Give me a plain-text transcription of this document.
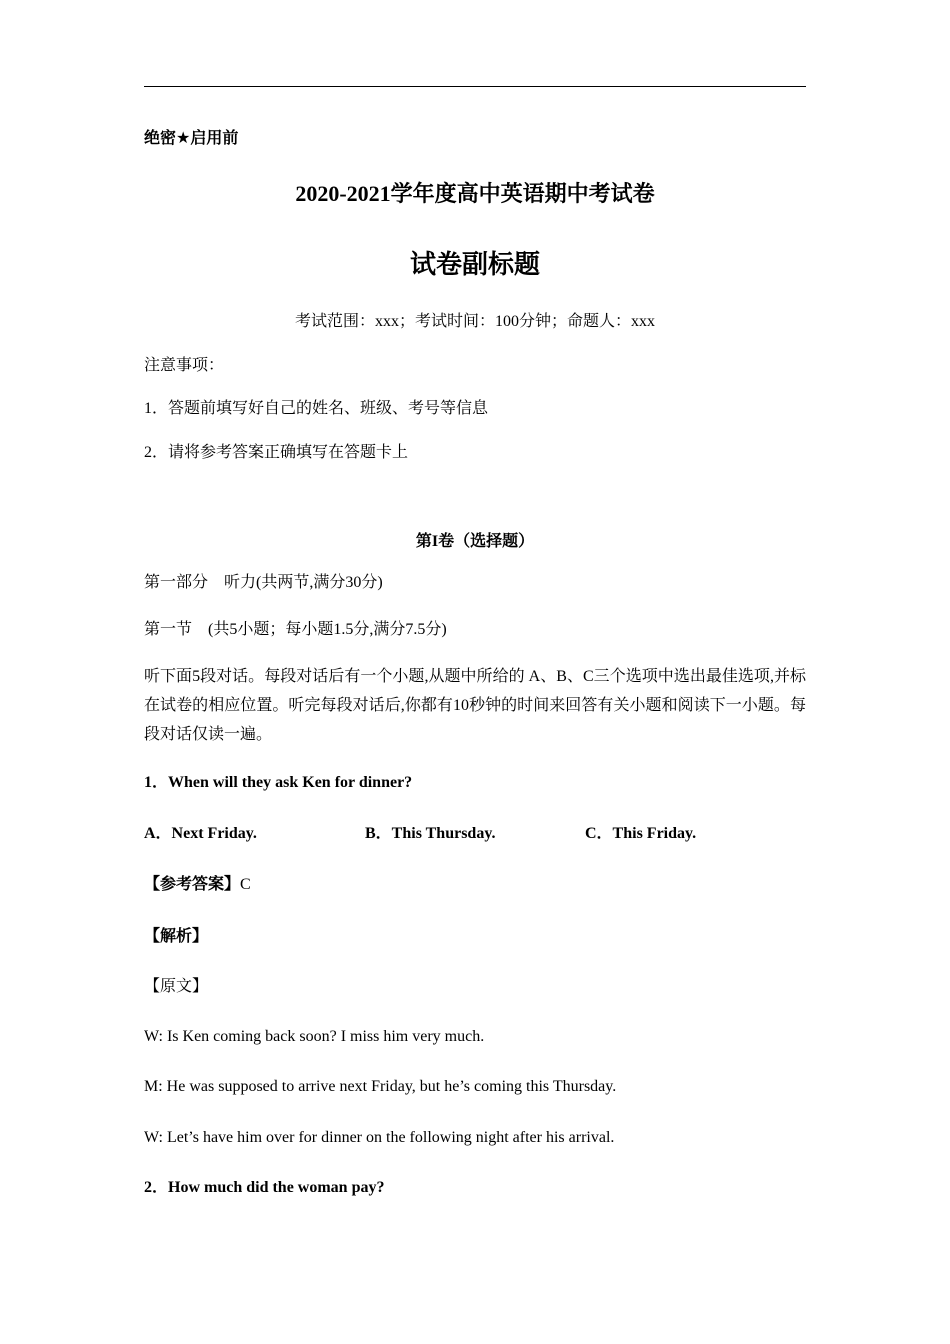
绝密★启用前
2020-2021学年度高中英语期中考试卷
试卷副标题
考试范围：xxx；考试时间：100分钟；命题人：xxx
注意事项：
1．答题前填写好自己的姓名、班级、考号等信息
2．请将参考答案正确填写在答题卡上
第I卷（选择题）
第一部分　听力(共两节,满分30分)
第一节　(共5小题；每小题1.5分,满分7.5分)
听下面5段对话。每段对话后有一个小题,从题中所给的 A、B、C三个选项中选出最佳选项,并标在试卷的相应位置。听完每段对话后,你都有10秒钟的时间来回答有关小题和阅读下一小题。每段对话仅读一遍。
1．When will they ask Ken for dinner?
A．Next Friday.	B．This Thursday.	C．This Friday.
【参考答案】C
【解析】
【原文】
W: Is Ken coming back soon? I miss him very much.
M: He was supposed to arrive next Friday, but he’s coming this Thursday.
W: Let’s have him over for dinner on the following night after his arrival.
2．How much did the woman pay?
